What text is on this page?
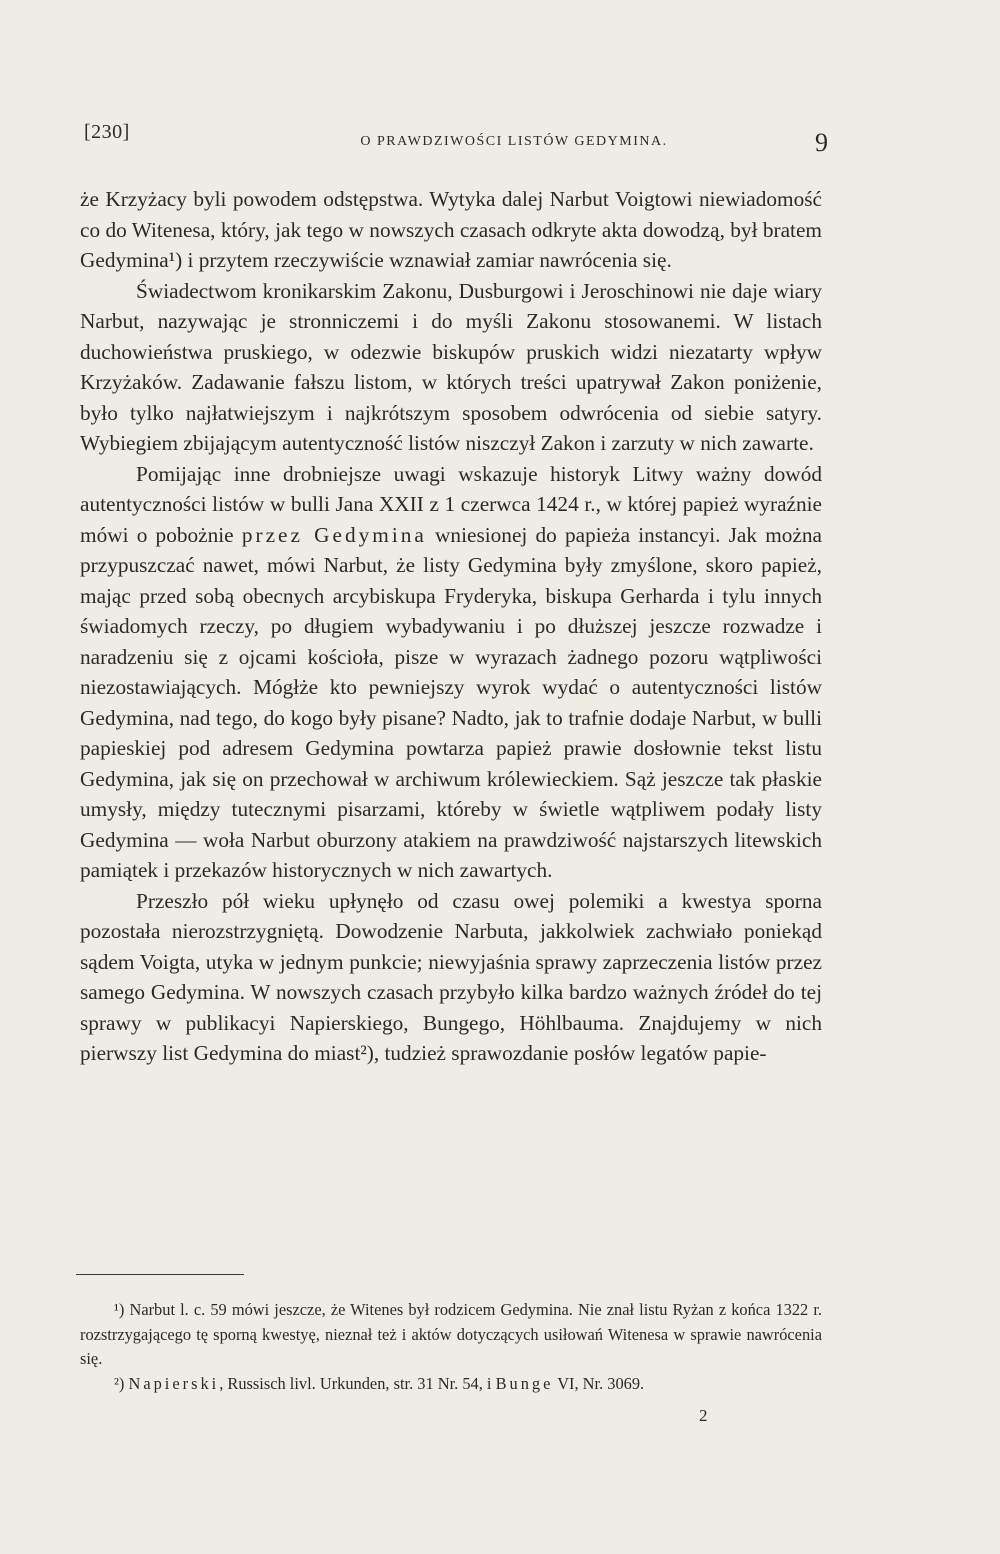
[230]	O PRAWDZIWOŚCI LISTÓW GEDYMINA.	9

że Krzyżacy byli powodem odstępstwa. Wytyka dalej Narbut Voigtowi niewiadomość co do Witenesa, który, jak tego w nowszych czasach odkryte akta dowodzą, był bratem Gedymina¹) i przytem rzeczywiście wznawiał zamiar nawrócenia się.

Świadectwom kronikarskim Zakonu, Dusburgowi i Jeroschinowi nie daje wiary Narbut, nazywając je stronniczemi i do myśli Zakonu stosowanemi. W listach duchowieństwa pruskiego, w odezwie biskupów pruskich widzi niezatarty wpływ Krzyżaków. Zadawanie fałszu listom, w których treści upatrywał Zakon poniżenie, było tylko najłatwiejszym i najkrótszym sposobem odwrócenia od siebie satyry. Wybiegiem zbijającym autentyczność listów niszczył Zakon i zarzuty w nich zawarte.

Pomijając inne drobniejsze uwagi wskazuje historyk Litwy ważny dowód autentyczności listów w bulli Jana XXII z 1 czerwca 1424 r., w której papież wyraźnie mówi o pobożnie przez Gedymina wniesionej do papieża instancyi. Jak można przypuszczać nawet, mówi Narbut, że listy Gedymina były zmyślone, skoro papież, mając przed sobą obecnych arcybiskupa Fryderyka, biskupa Gerharda i tylu innych świadomych rzeczy, po długiem wybadywaniu i po dłuższej jeszcze rozwadze i naradzeniu się z ojcami kościoła, pisze w wyrazach żadnego pozoru wątpliwości niezostawiających. Mógłże kto pewniejszy wyrok wydać o autentyczności listów Gedymina, nad tego, do kogo były pisane? Nadto, jak to trafnie dodaje Narbut, w bulli papieskiej pod adresem Gedymina powtarza papież prawie dosłownie tekst listu Gedymina, jak się on przechował w archiwum królewieckiem. Sąż jeszcze tak płaskie umysły, między tutecznymi pisarzami, któreby w świetle wątpliwem podały listy Gedymina — woła Narbut oburzony atakiem na prawdziwość najstarszych litewskich pamiątek i przekazów historycznych w nich zawartych.

Przeszło pół wieku upłynęło od czasu owej polemiki a kwestya sporna pozostała nierozstrzygniętą. Dowodzenie Narbuta, jakkolwiek zachwiało poniekąd sądem Voigta, utyka w jednym punkcie; niewyjaśnia sprawy zaprzeczenia listów przez samego Gedymina. W nowszych czasach przybyło kilka bardzo ważnych źródeł do tej sprawy w publikacyi Napierskiego, Bungego, Höhlbauma. Znajdujemy w nich pierwszy list Gedymina do miast²), tudzież sprawozdanie posłów legatów papie-

¹) Narbut l. c. 59 mówi jeszcze, że Witenes był rodzicem Gedymina. Nie znał listu Ryżan z końca 1322 r. rozstrzygającego tę sporną kwestyę, nieznał też i aktów dotyczących usiłowań Witenesa w sprawie nawrócenia się.

²) Napierski, Russisch livl. Urkunden, str. 31 Nr. 54, i Bunge VI, Nr. 3069.

2
